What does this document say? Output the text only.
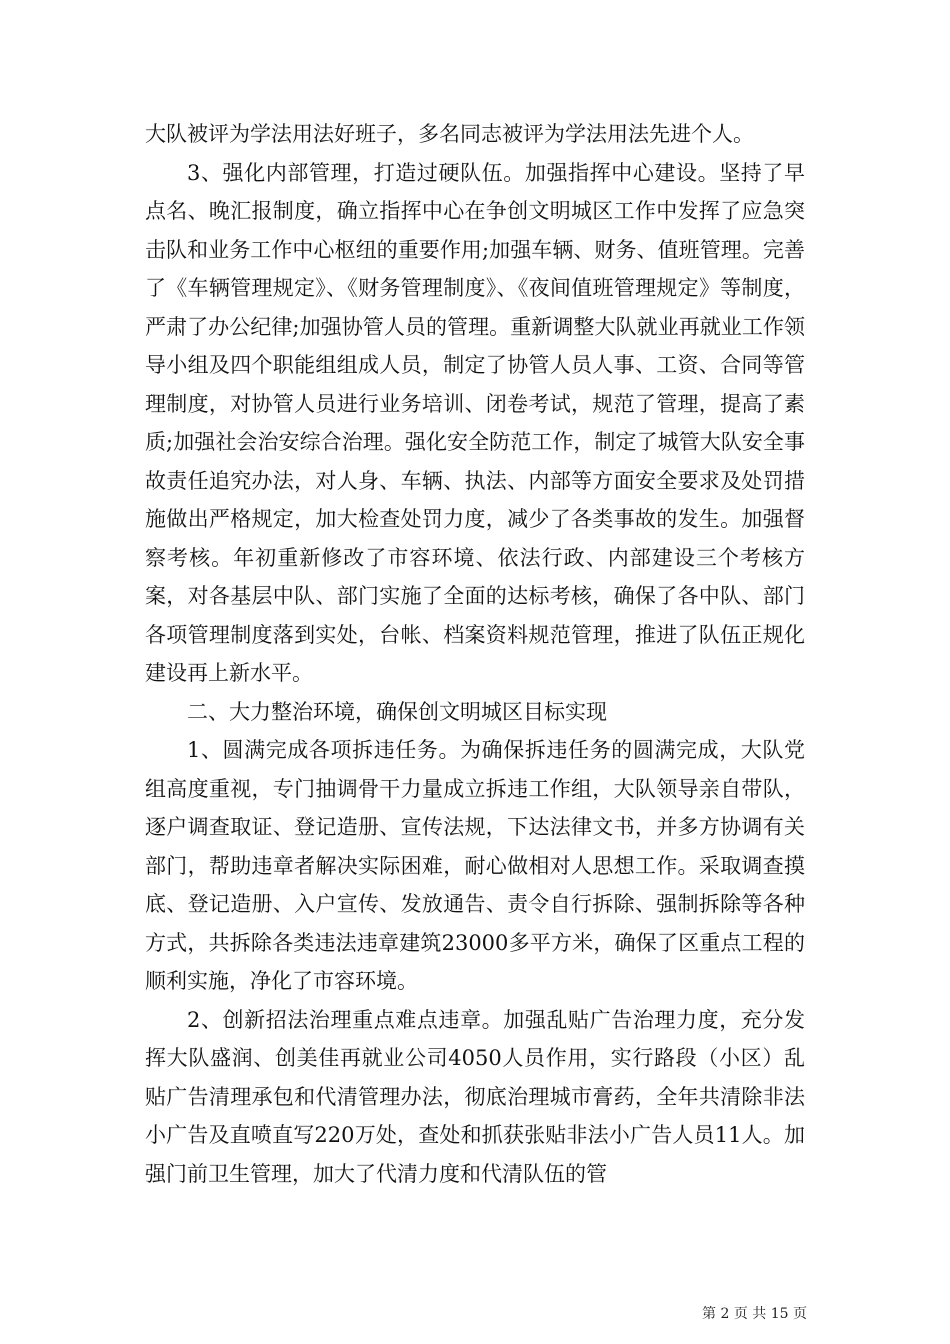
大队被评为学法用法好班子，多名同志被评为学法用法先进个人。

3、强化内部管理，打造过硬队伍。加强指挥中心建设。坚持了早点名、晚汇报制度，确立指挥中心在争创文明城区工作中发挥了应急突击队和业务工作中心枢纽的重要作用;加强车辆、财务、值班管理。完善了《车辆管理规定》、《财务管理制度》、《夜间值班管理规定》等制度，严肃了办公纪律;加强协管人员的管理。重新调整大队就业再就业工作领导小组及四个职能组组成人员，制定了协管人员人事、工资、合同等管理制度，对协管人员进行业务培训、闭卷考试，规范了管理，提高了素质;加强社会治安综合治理。强化安全防范工作，制定了城管大队安全事故责任追究办法，对人身、车辆、执法、内部等方面安全要求及处罚措施做出严格规定，加大检查处罚力度，减少了各类事故的发生。加强督察考核。年初重新修改了市容环境、依法行政、内部建设三个考核方案，对各基层中队、部门实施了全面的达标考核，确保了各中队、部门各项管理制度落到实处，台帐、档案资料规范管理，推进了队伍正规化建设再上新水平。

二、大力整治环境，确保创文明城区目标实现

1、圆满完成各项拆违任务。为确保拆违任务的圆满完成，大队党组高度重视，专门抽调骨干力量成立拆违工作组，大队领导亲自带队，逐户调查取证、登记造册、宣传法规，下达法律文书，并多方协调有关部门，帮助违章者解决实际困难，耐心做相对人思想工作。采取调查摸底、登记造册、入户宣传、发放通告、责令自行拆除、强制拆除等各种方式，共拆除各类违法违章建筑23000多平方米，确保了区重点工程的顺利实施，净化了市容环境。

2、创新招法治理重点难点违章。加强乱贴广告治理力度，充分发挥大队盛润、创美佳再就业公司4050人员作用，实行路段（小区）乱贴广告清理承包和代清管理办法，彻底治理城市膏药，全年共清除非法小广告及直喷直写220万处，查处和抓获张贴非法小广告人员11人。加强门前卫生管理，加大了代清力度和代清队伍的管

第 2 页 共 15 页
